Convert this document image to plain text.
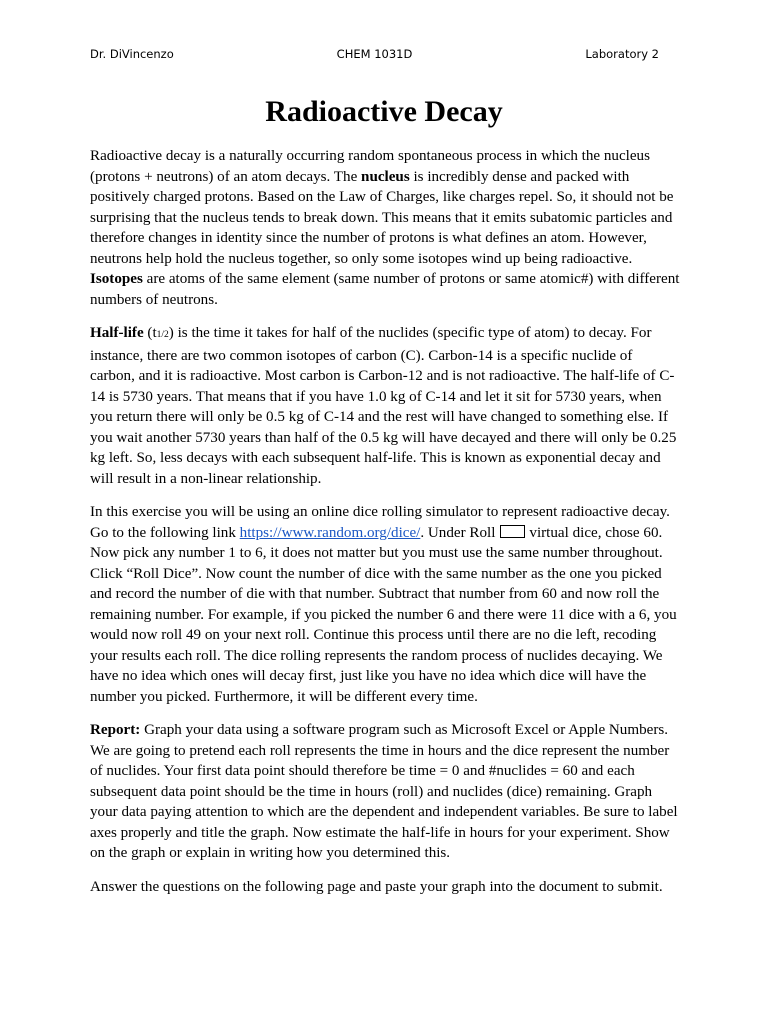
Dr. DiVincenzo	CHEM 1031D	Laboratory 2
Radioactive Decay

Radioactive decay is a naturally occurring random spontaneous process in which the nucleus (protons + neutrons) of an atom decays. The nucleus is incredibly dense and packed with positively charged protons. Based on the Law of Charges, like charges repel. So, it should not be surprising that the nucleus tends to break down. This means that it emits subatomic particles and therefore changes in identity since the number of protons is what defines an atom. However, neutrons help hold the nucleus together, so only some isotopes wind up being radioactive. Isotopes are atoms of the same element (same number of protons or same atomic#) with different numbers of neutrons.

Half-life (t1/2) is the time it takes for half of the nuclides (specific type of atom) to decay. For instance, there are two common isotopes of carbon (C). Carbon-14 is a specific nuclide of carbon, and it is radioactive. Most carbon is Carbon-12 and is not radioactive. The half-life of C-14 is 5730 years. That means that if you have 1.0 kg of C-14 and let it sit for 5730 years, when you return there will only be 0.5 kg of C-14 and the rest will have changed to something else. If you wait another 5730 years than half of the 0.5 kg will have decayed and there will only be 0.25 kg left. So, less decays with each subsequent half-life. This is known as exponential decay and will result in a non-linear relationship.

In this exercise you will be using an online dice rolling simulator to represent radioactive decay. Go to the following link https://www.random.org/dice/. Under Roll virtual dice, chose 60. Now pick any number 1 to 6, it does not matter but you must use the same number throughout. Click “Roll Dice”. Now count the number of dice with the same number as the one you picked and record the number of die with that number. Subtract that number from 60 and now roll the remaining number. For example, if you picked the number 6 and there were 11 dice with a 6, you would now roll 49 on your next roll. Continue this process until there are no die left, recoding your results each roll. The dice rolling represents the random process of nuclides decaying. We have no idea which ones will decay first, just like you have no idea which dice will have the number you picked. Furthermore, it will be different every time.

Report: Graph your data using a software program such as Microsoft Excel or Apple Numbers. We are going to pretend each roll represents the time in hours and the dice represent the number of nuclides. Your first data point should therefore be time = 0 and #nuclides = 60 and each subsequent data point should be the time in hours (roll) and nuclides (dice) remaining. Graph your data paying attention to which are the dependent and independent variables. Be sure to label axes properly and title the graph. Now estimate the half-life in hours for your experiment. Show on the graph or explain in writing how you determined this.

Answer the questions on the following page and paste your graph into the document to submit.
